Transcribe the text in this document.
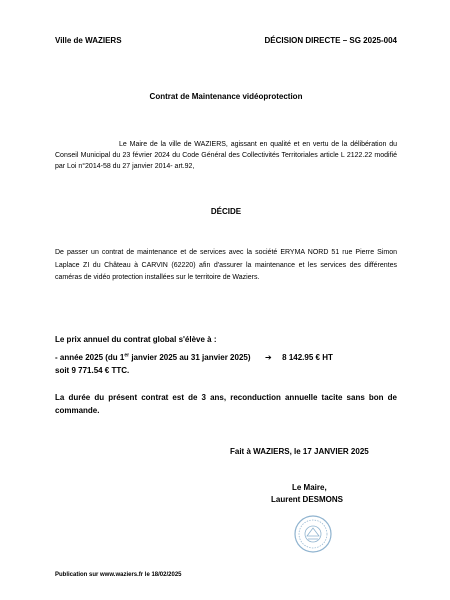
Ville de WAZIERS	DÉCISION DIRECTE – SG 2025-004
Contrat de Maintenance vidéoprotection
Le Maire de la ville de WAZIERS, agissant en qualité et en vertu de la délibération du Conseil Municipal du 23 février 2024 du Code Général des Collectivités Territoriales article L 2122.22 modifié par Loi n°2014-58 du 27 janvier 2014- art.92,
DÉCIDE
De passer un contrat de maintenance et de services avec la société ERYMA NORD 51 rue Pierre Simon Laplace ZI du Château à CARVIN (62220) afin d'assurer la maintenance et les services des différentes caméras de vidéo protection installées sur le territoire de Waziers.
Le prix annuel du contrat global s'élève à :
- année 2025 (du 1er janvier 2025 au 31 janvier 2025) ➔ 8 142.95 € HT
soit 9 771.54 € TTC.
La durée du présent contrat est de 3 ans, reconduction annuelle tacite sans bon de commande.
Fait à WAZIERS, le 17 JANVIER 2025
Le Maire,
Laurent DESMONS
Publication sur www.waziers.fr le 18/02/2025
